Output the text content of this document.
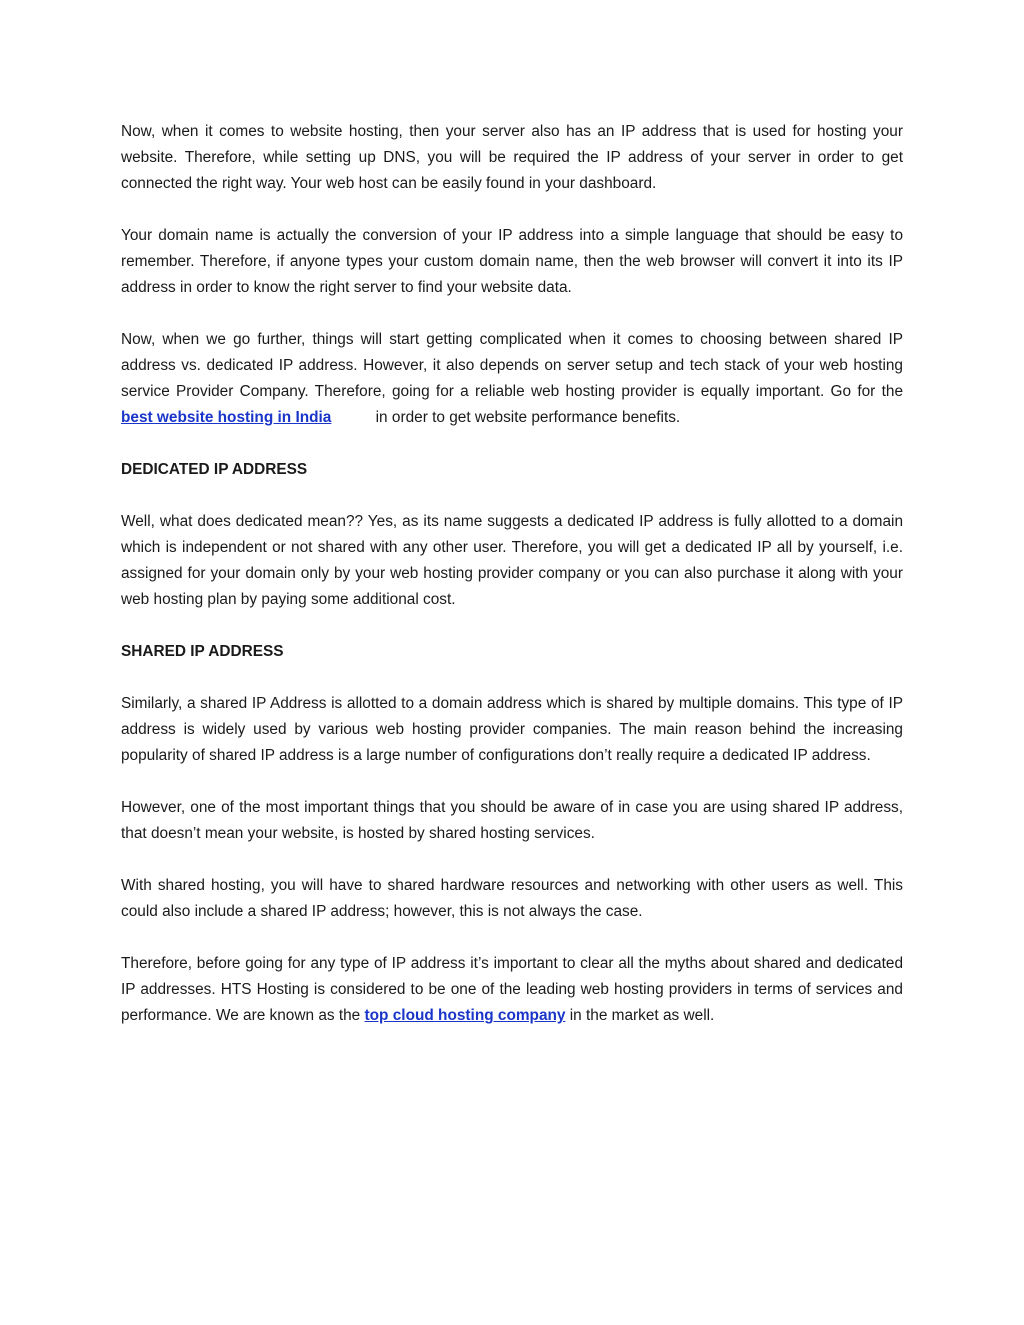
Now, when it comes to website hosting, then your server also has an IP address that is used for hosting your website. Therefore, while setting up DNS, you will be required the IP address of your server in order to get connected the right way. Your web host can be easily found in your dashboard.

Your domain name is actually the conversion of your IP address into a simple language that should be easy to remember. Therefore, if anyone types your custom domain name, then the web browser will convert it into its IP address in order to know the right server to find your website data.

Now, when we go further, things will start getting complicated when it comes to choosing between shared IP address vs. dedicated IP address. However, it also depends on server setup and tech stack of your web hosting service Provider Company. Therefore, going for a reliable web hosting provider is equally important. Go for the best website hosting in India	in order to get website performance benefits.

DEDICATED IP ADDRESS

Well, what does dedicated mean?? Yes, as its name suggests a dedicated IP address is fully allotted to a domain which is independent or not shared with any other user. Therefore, you will get a dedicated IP all by yourself, i.e. assigned for your domain only by your web hosting provider company or you can also purchase it along with your web hosting plan by paying some additional cost.

SHARED IP ADDRESS

Similarly, a shared IP Address is allotted to a domain address which is shared by multiple domains. This type of IP address is widely used by various web hosting provider companies. The main reason behind the increasing popularity of shared IP address is a large number of configurations don’t really require a dedicated IP address.

However, one of the most important things that you should be aware of in case you are using shared IP address, that doesn’t mean your website, is hosted by shared hosting services.

With shared hosting, you will have to shared hardware resources and networking with other users as well. This could also include a shared IP address; however, this is not always the case.

Therefore, before going for any type of IP address it’s important to clear all the myths about shared and dedicated IP addresses. HTS Hosting is considered to be one of the leading web hosting providers in terms of services and performance. We are known as the top cloud hosting company in the market as well.
